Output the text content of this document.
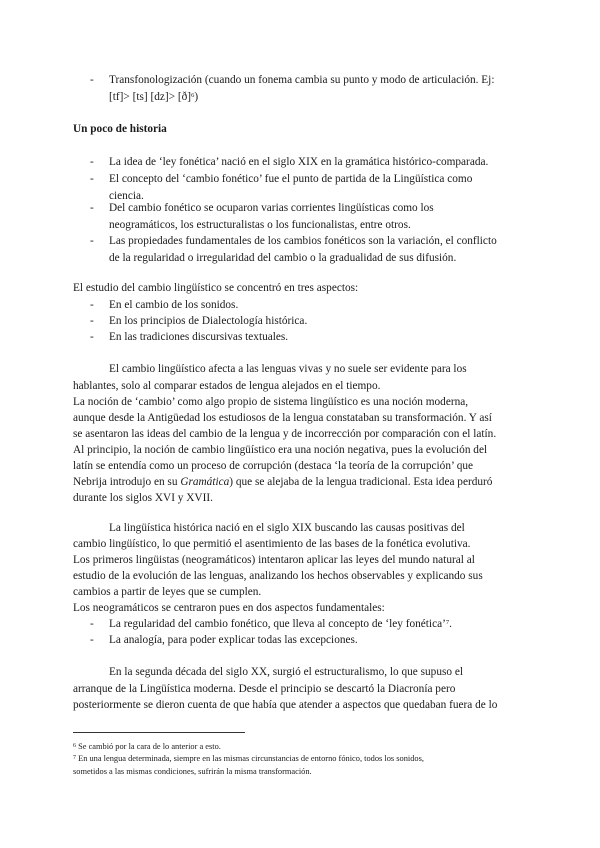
-	Transfonologización (cuando un fonema cambia su punto y modo de articulación. Ej:
[tf]> [ts] [dz]> [ð]$^6$)
Un poco de historia
-	La idea de ‘ley fonética’ nació en el siglo XIX en la gramática histórico-comparada.
-	El concepto del ‘cambio fonético’ fue el punto de partida de la Lingüística como
ciencia.
-	Del cambio fonético se ocuparon varias corrientes lingüísticas como los
neogramáticos, los estructuralistas o los funcionalistas, entre otros.
-	Las propiedades fundamentales de los cambios fonéticos son la variación, el conflicto
de la regularidad o irregularidad del cambio o la gradualidad de sus difusión.
El estudio del cambio lingüístico se concentró en tres aspectos:
-	En el cambio de los sonidos.
-	En los principios de Dialectología histórica.
-	En las tradiciones discursivas textuales.
El cambio lingüístico afecta a las lenguas vivas y no suele ser evidente para los
hablantes, solo al comparar estados de lengua alejados en el tiempo.
La noción de ‘cambio’ como algo propio de sistema lingüístico es una noción moderna,
aunque desde la Antigüedad los estudiosos de la lengua constataban su transformación. Y así
se asentaron las ideas del cambio de la lengua y de incorrección por comparación con el latín.
Al principio, la noción de cambio lingüístico era una noción negativa, pues la evolución del
latín se entendía como un proceso de corrupción (destaca ‘la teoría de la corrupción’ que
Nebrija introdujo en su Gramática) que se alejaba de la lengua tradicional. Esta idea perduró
durante los siglos XVI y XVII.
La lingüística histórica nació en el siglo XIX buscando las causas positivas del
cambio lingüístico, lo que permitió el asentimiento de las bases de la fonética evolutiva.
Los primeros lingüistas (neogramáticos) intentaron aplicar las leyes del mundo natural al
estudio de la evolución de las lenguas, analizando los hechos observables y explicando sus
cambios a partir de leyes que se cumplen.
Los neogramáticos se centraron pues en dos aspectos fundamentales:
-	La regularidad del cambio fonético, que lleva al concepto de ‘ley fonética’$^7$.
-	La analogía, para poder explicar todas las excepciones.
En la segunda década del siglo XX, surgió el estructuralismo, lo que supuso el
arranque de la Lingüística moderna. Desde el principio se descartó la Diacronía pero
posteriormente se dieron cuenta de que había que atender a aspectos que quedaban fuera de lo
$^6$ Se cambió por la cara de lo anterior a esto.
$^7$ En una lengua determinada, siempre en las mismas circunstancias de entorno fónico, todos los sonidos,
sometidos a las mismas condiciones, sufrirán la misma transformación.
